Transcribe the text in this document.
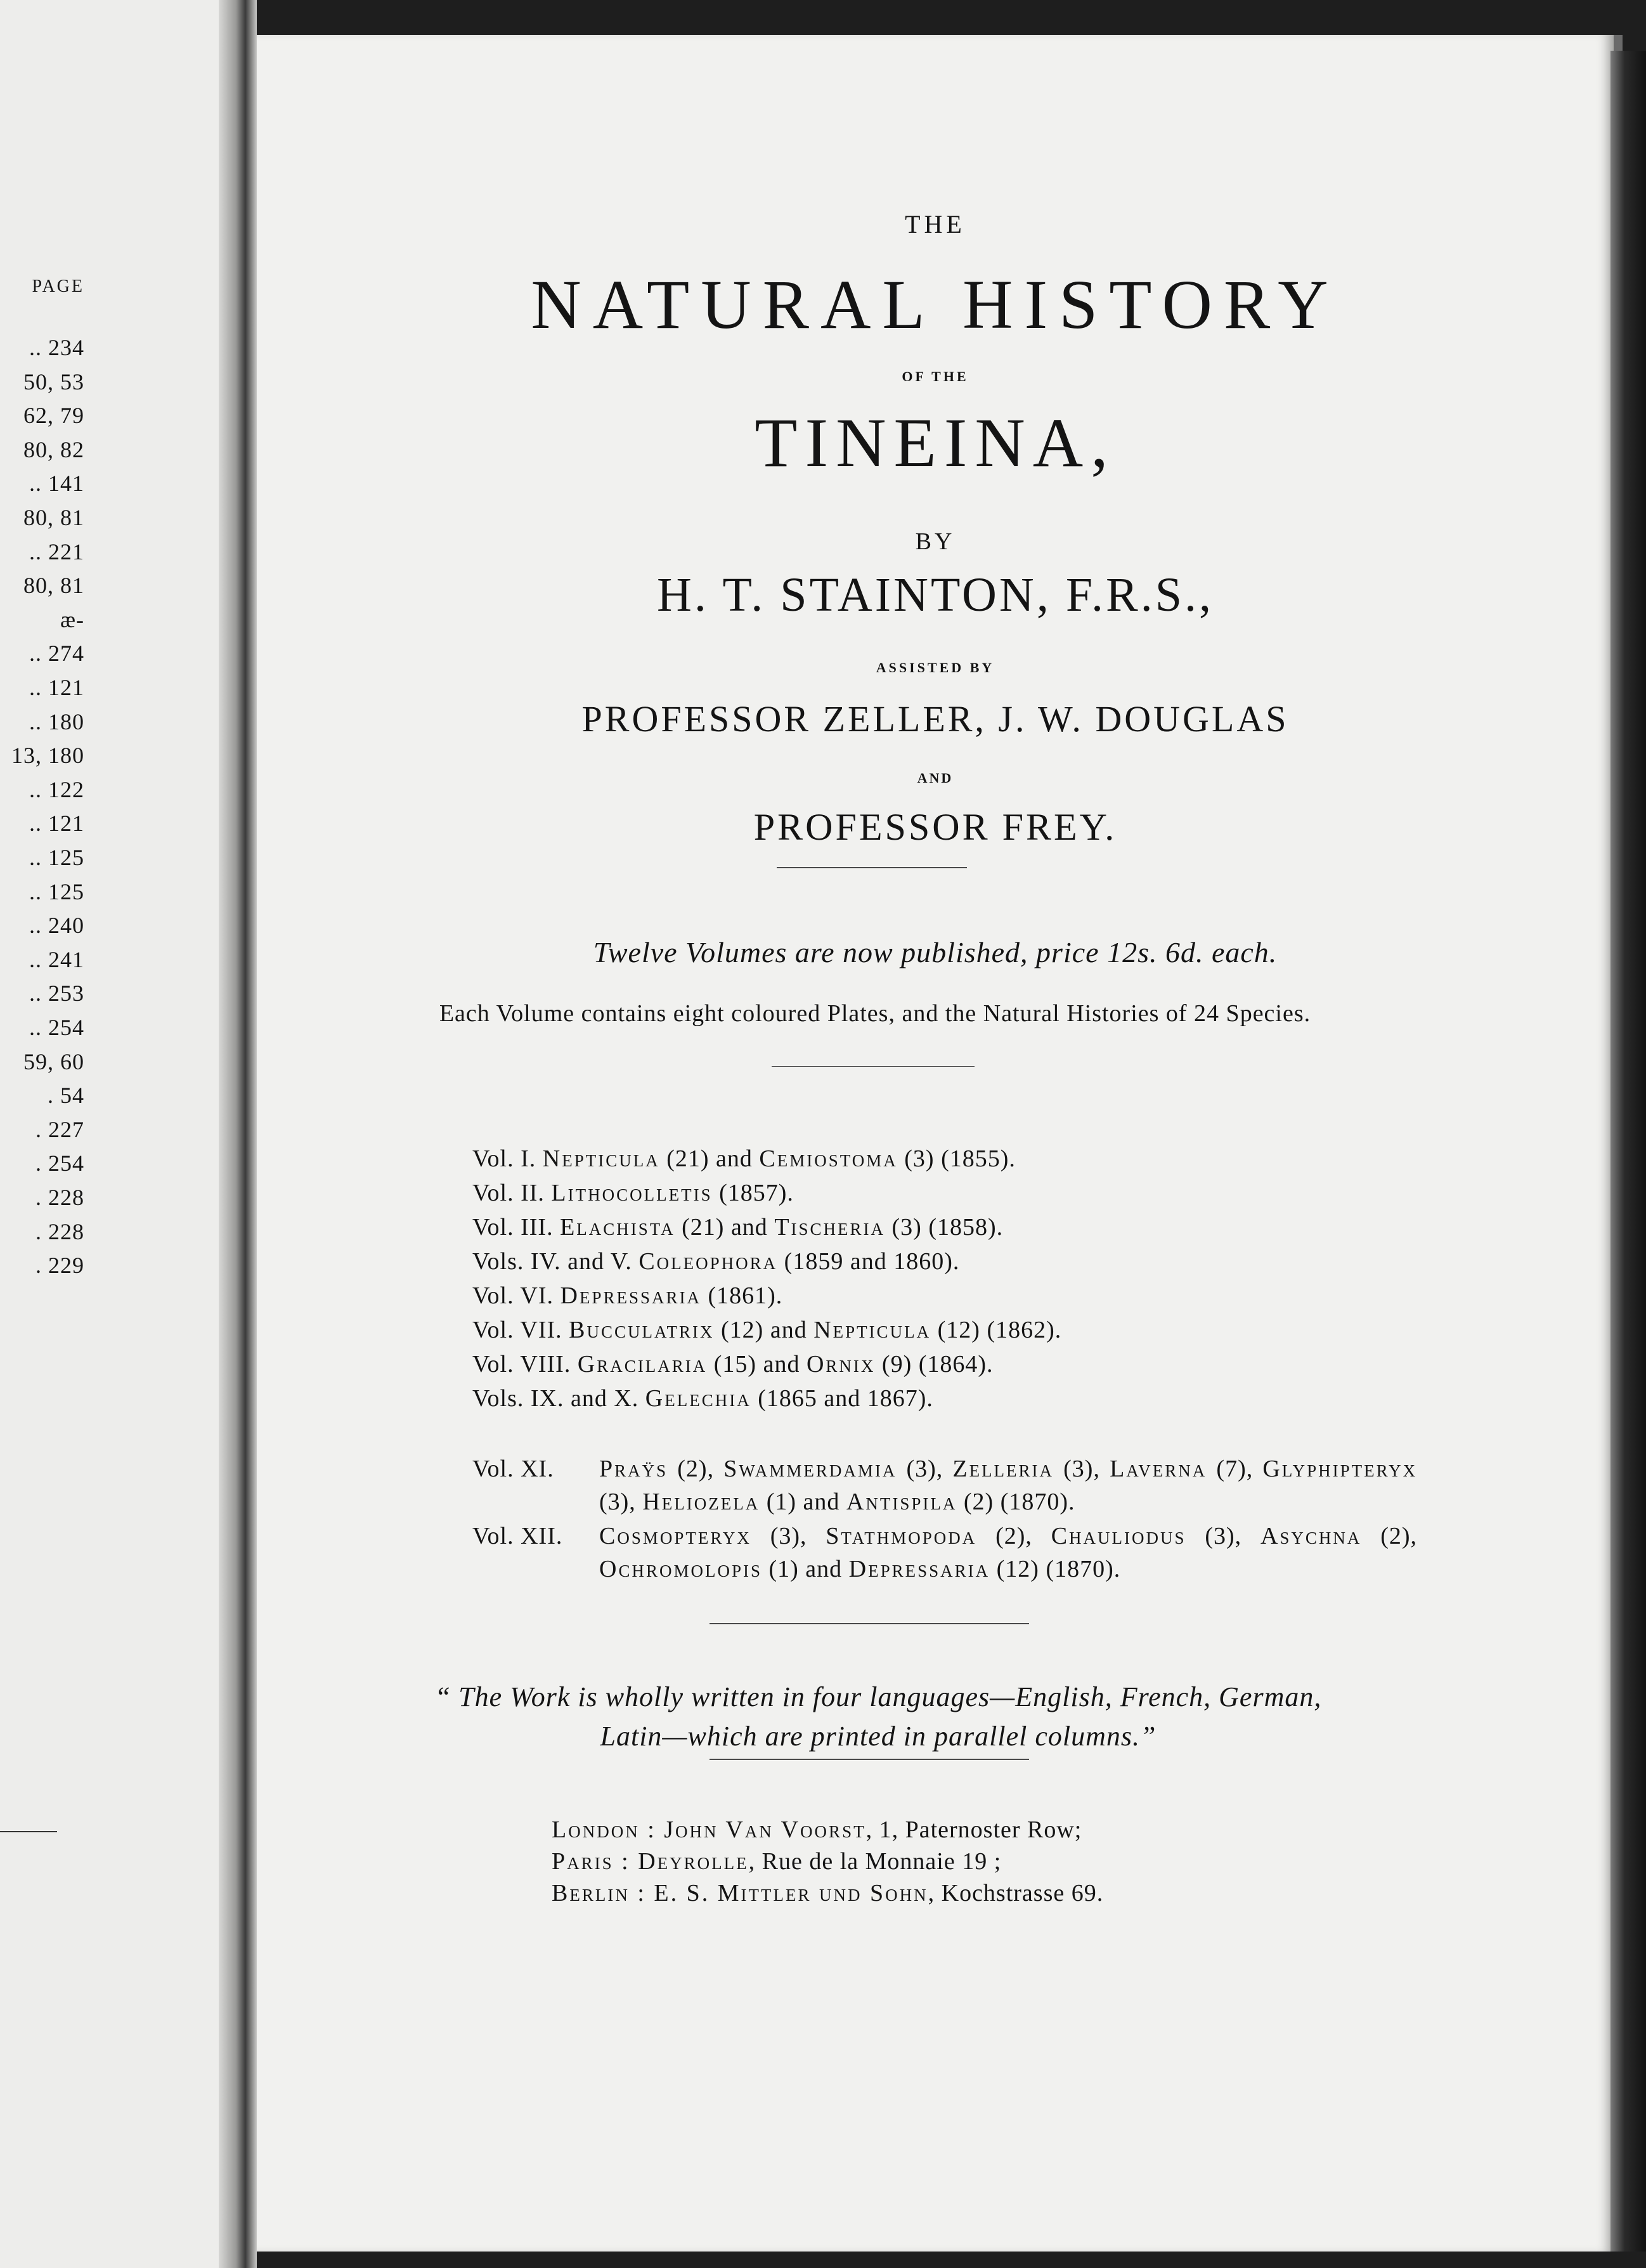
PAGE
.. 234
50, 53
62, 79
80, 82
.. 141
80, 81
.. 221
80, 81
æ-
.. 274
.. 121
.. 180
13, 180
.. 122
.. 121
.. 125
.. 125
.. 240
.. 241
.. 253
.. 254
59, 60
. 54
. 227
. 254
. 228
. 228
. 229

THE

NATURAL HISTORY

OF THE

TINEINA,

BY

H. T. STAINTON, F.R.S.,

ASSISTED BY

PROFESSOR ZELLER, J. W. DOUGLAS

AND

PROFESSOR FREY.

Twelve Volumes are now published, price 12s. 6d. each.
Each Volume contains eight coloured Plates, and the Natural Histories of 24 Species.
Vol. I. Nepticula (21) and Cemiostoma (3) (1855).
Vol. II. Lithocolletis (1857).
Vol. III. Elachista (21) and Tischeria (3) (1858).
Vols. IV. and V. Coleophora (1859 and 1860).
Vol. VI. Depressaria (1861).
Vol. VII. Bucculatrix (12) and Nepticula (12) (1862).
Vol. VIII. Gracilaria (15) and Ornix (9) (1864).
Vols. IX. and X. Gelechia (1865 and 1867).
Vol. XI. Praÿs (2), Swammerdamia (3), Zelleria (3), Laverna (7), Glyphipteryx (3), Heliozela (1) and Antispila (2) (1870).
Vol. XII. Cosmopteryx (3), Stathmopoda (2), Chauliodus (3), Asychna (2), Ochromolopis (1) and Depressaria (12) (1870).
“ The Work is wholly written in four languages—English, French, German, Latin—which are printed in parallel columns.”
London : John Van Voorst, 1, Paternoster Row;
Paris : Deyrolle, Rue de la Monnaie 19 ;
Berlin : E. S. Mittler und Sohn, Kochstrasse 69.
